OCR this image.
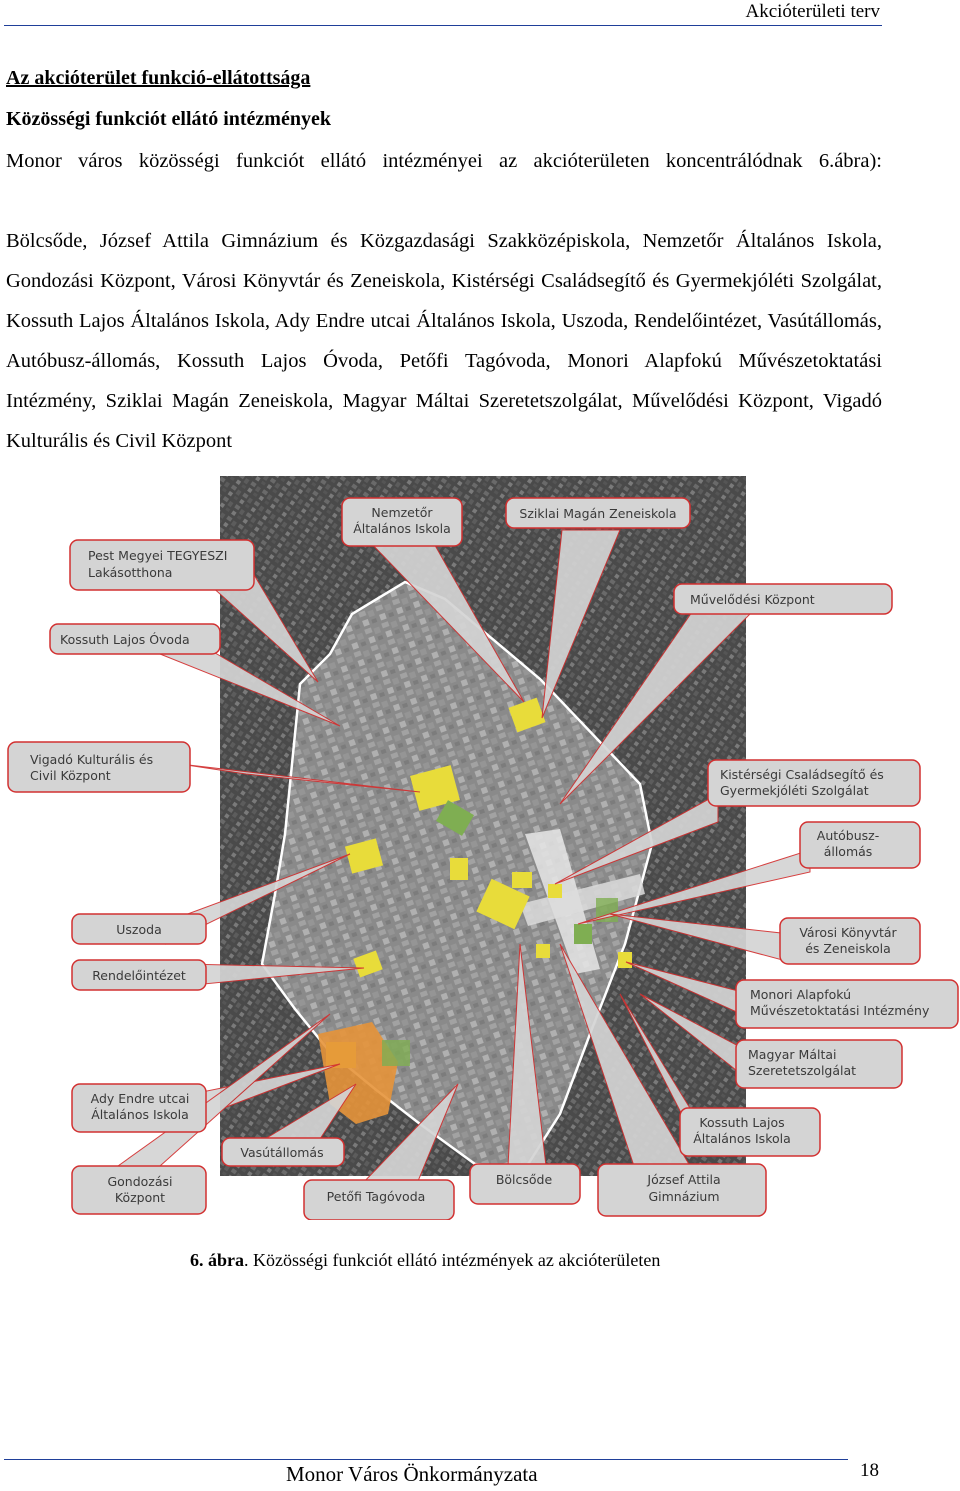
Akcióterületi terv
Az akcióterület funkció-ellátottsága
Közösségi funkciót ellátó intézmények
Monor város közösségi funkciót ellátó intézményei az akcióterületen koncentrálódnak 6.ábra):
Bölcsőde, József Attila Gimnázium és Közgazdasági Szakközépiskola, Nemzetőr Általános Iskola, Gondozási Központ, Városi Könyvtár és Zeneiskola, Kistérségi Családsegítő és Gyermekjóléti Szolgálat, Kossuth Lajos Általános Iskola, Ady Endre utcai Általános Iskola, Uszoda, Rendelőintézet, Vasútállomás, Autóbusz-állomás, Kossuth Lajos Óvoda, Petőfi Tagóvoda, Monori Alapfokú Művészetoktatási Intézmény, Sziklai Magán Zeneiskola, Magyar Máltai Szeretetszolgálat, Művelődési Központ, Vigadó Kulturális és Civil Központ
Nemzetőr
Általános Iskola
Sziklai Magán Zeneiskola
Pest Megyei TEGYESZI
Lakásotthona
Művelődési Központ
Kossuth Lajos Óvoda
Vigadó Kulturális és
Civil Központ	Kistérségi Családsegítő és
Gyermekjóléti Szolgálat
Autóbusz-
állomás
Uszoda	Városi Könyvtár
és Zeneiskola
Rendelőintézet
Monori Alapfokú
Művészetoktatási Intézmény
Magyar Máltai
Szeretetszolgálat
Ady Endre utcai
Általános Iskola
Kossuth Lajos
Általános Iskola
Vasútállomás
Gondozási
Központ	Petőfi Tagóvoda
Bölcsőde	József Attila
Gimnázium
6. ábra. Közösségi funkciót ellátó intézmények az akcióterületen
Monor Város Önkormányzata	18
